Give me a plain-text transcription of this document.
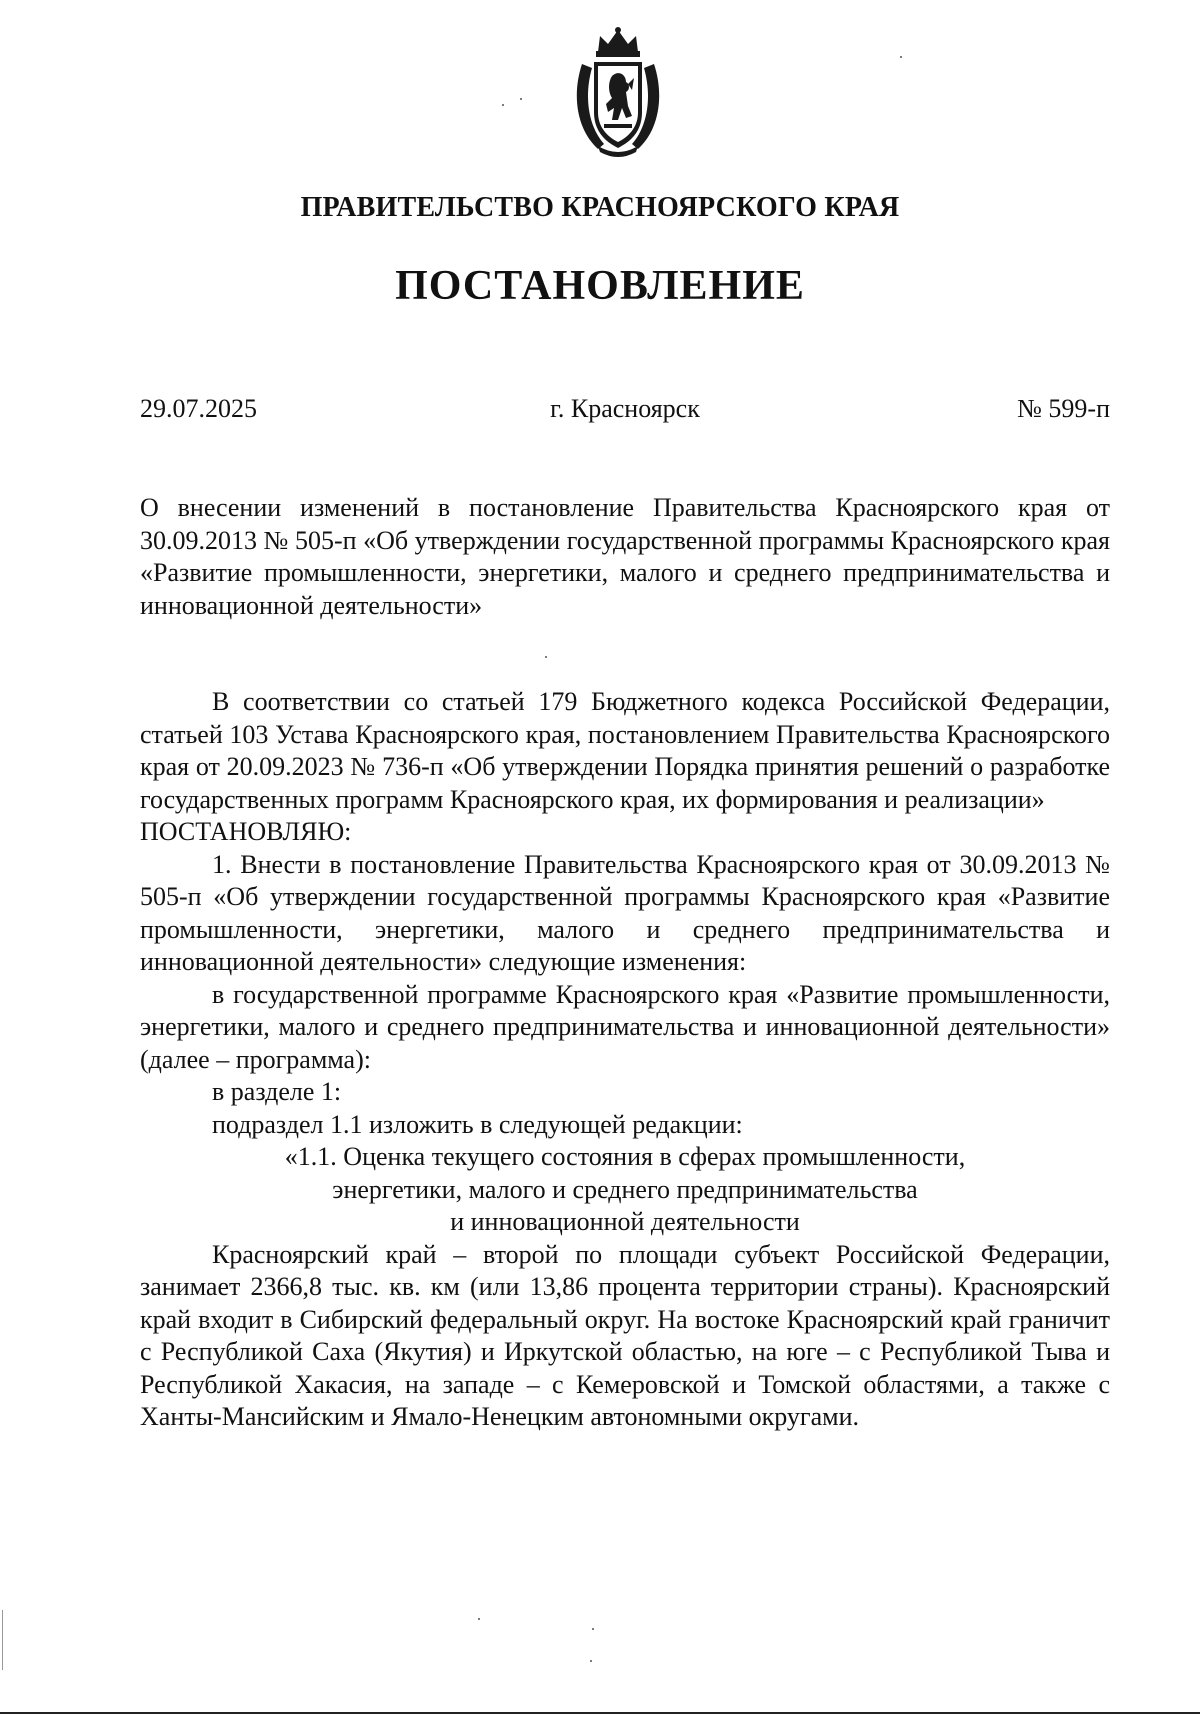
ПРАВИТЕЛЬСТВО КРАСНОЯРСКОГО КРАЯ
ПОСТАНОВЛЕНИЕ
29.07.2025	г. Красноярск	№ 599-п
О внесении изменений в постановление Правительства Красноярского края от 30.09.2013 № 505-п «Об утверждении государственной программы Красноярского края «Развитие промышленности, энергетики, малого и среднего предпринимательства и инновационной деятельности»

В соответствии со статьей 179 Бюджетного кодекса Российской Федерации, статьей 103 Устава Красноярского края, постановлением Правительства Красноярского края от 20.09.2023 № 736-п «Об утверждении Порядка принятия решений о разработке государственных программ Красноярского края, их формирования и реализации»

ПОСТАНОВЛЯЮ:

1. Внести в постановление Правительства Красноярского края от 30.09.2013 № 505-п «Об утверждении государственной программы Красноярского края «Развитие промышленности, энергетики, малого и среднего предпринимательства и инновационной деятельности» следующие изменения:

в государственной программе Красноярского края «Развитие промышленности, энергетики, малого и среднего предпринимательства и инновационной деятельности» (далее – программа):

в разделе 1:

подраздел 1.1 изложить в следующей редакции:

«1.1. Оценка текущего состояния в сферах промышленности,
энергетики, малого и среднего предпринимательства
и инновационной деятельности

Красноярский край – второй по площади субъект Российской Федерации, занимает 2366,8 тыс. кв. км (или 13,86 процента территории страны). Красноярский край входит в Сибирский федеральный округ. На востоке Красноярский край граничит с Республикой Саха (Якутия) и Иркутской областью, на юге – с Республикой Тыва и Республикой Хакасия, на западе – с Кемеровской и Томской областями, а также с Ханты-Мансийским и Ямало-Ненецким автономными округами.
